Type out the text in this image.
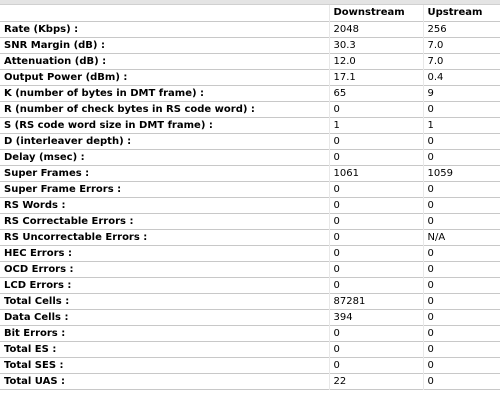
	Downstream	Upstream
Rate (Kbps) :	2048	256
SNR Margin (dB) :	30.3	7.0
Attenuation (dB) :	12.0	7.0
Output Power (dBm) :	17.1	0.4
K (number of bytes in DMT frame) :	65	9
R (number of check bytes in RS code word) :	0	0
S (RS code word size in DMT frame) :	1	1
D (interleaver depth) :	0	0
Delay (msec) :	0	0
Super Frames :	1061	1059
Super Frame Errors :	0	0
RS Words :	0	0
RS Correctable Errors :	0	0
RS Uncorrectable Errors :	0	N/A
HEC Errors :	0	0
OCD Errors :	0	0
LCD Errors :	0	0
Total Cells :	87281	0
Data Cells :	394	0
Bit Errors :	0	0
Total ES :	0	0
Total SES :	0	0
Total UAS :	22	0
